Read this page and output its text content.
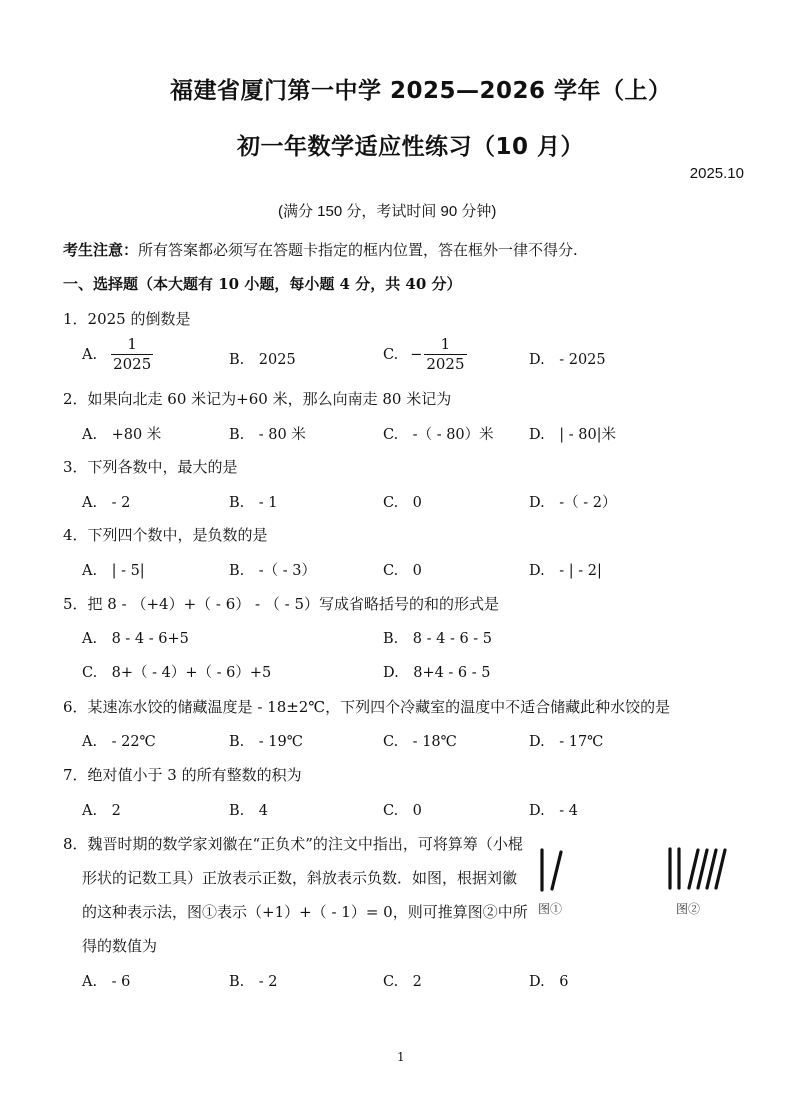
福建省厦门第一中学 2025—2026 学年（上）
初一年数学适应性练习（10 月）
2025.10
(满分 150 分，考试时间 90 分钟)
考生注意：所有答案都必须写在答题卡指定的框内位置，答在框外一律不得分.
一、选择题（本大题有 10 小题，每小题 4 分，共 40 分）
1．2025 的倒数是
A. $\frac{1}{2025}$	B.　2025	C. − $\frac{1}{2025}$	D.　- 2025
2．如果向北走 60 米记为+60 米，那么向南走 80 米记为
A.　+80 米	B.　- 80 米	C.　-（ - 80）米 D.　| - 80|米
3．下列各数中，最大的是
A.　- 2	B.　- 1	C.　0	D.　-（ - 2）
4．下列四个数中，是负数的是
A.　| - 5|	B.　-（ - 3）	C.　0	D.　- | - 2|
5．把 8 - （+4）+（ - 6） - （ - 5）写成省略括号的和的形式是
A.　8 - 4 - 6+5	B.　8 - 4 - 6 - 5
C.　8+（ - 4）+（ - 6）+5	D.　8+4 - 6 - 5
6．某速冻水饺的储藏温度是 - 18±2℃，下列四个冷藏室的温度中不适合储藏此种水饺的是
A.　- 22℃	B.　- 19℃	C.　- 18℃	D.　- 17℃
7．绝对值小于 3 的所有整数的积为
A.　2	B.　4	C.　0	D.　- 4
8．魏晋时期的数学家刘徽在“正负术”的注文中指出，可将算筹（小棍
形状的记数工具）正放表示正数，斜放表示负数．如图，根据刘徽
的这种表示法，图①表示（+1）+（ - 1）= 0，则可推算图②中所
得的数值为
图①	图②
A.　- 6	B.　- 2	C.　2	D.　6
1
